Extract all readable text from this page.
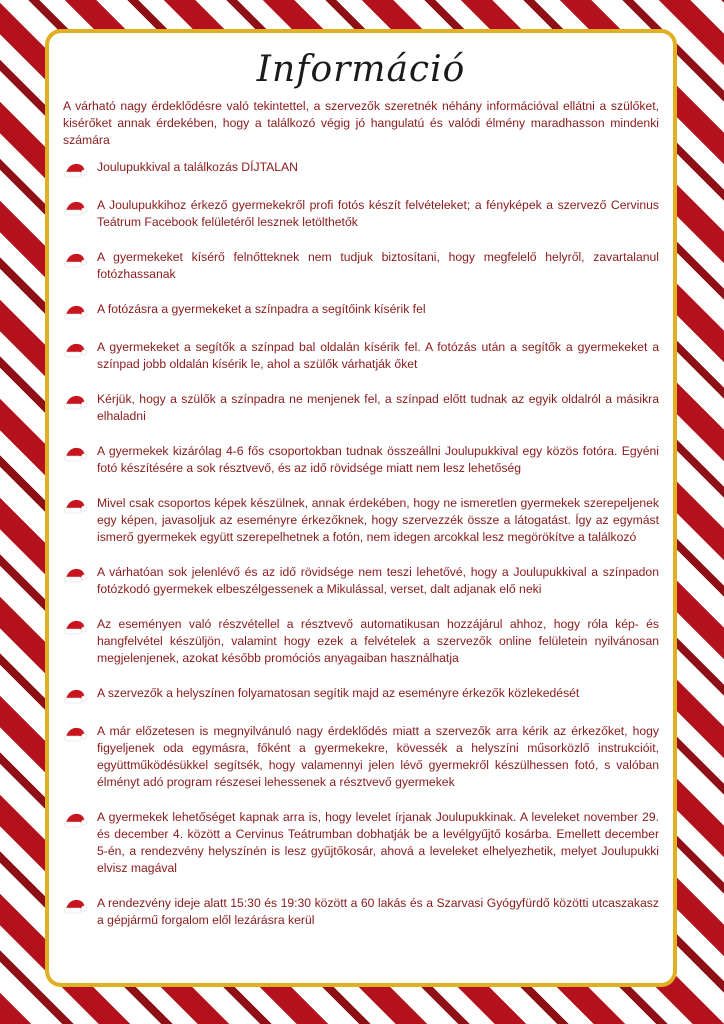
Információ

A várható nagy érdeklődésre való tekintettel, a szervezők szeretnék néhány információval ellátni a szülőket, kisérőket annak érdekében, hogy a találkozó végig jó hangulatú és valódi élmény maradhasson mindenki számára

Joulupukkival a találkozás DÍJTALAN
A Joulupukkihoz érkező gyermekekről profi fotós készít felvételeket; a fényképek a szervező Cervinus Teátrum Facebook felületéről lesznek letölthetők
A gyermekeket kísérő felnőtteknek nem tudjuk biztosítani, hogy megfelelő helyről, zavartalanul fotózhassanak
A fotózásra a gyermekeket a színpadra a segítőink kísérik fel
A gyermekeket a segítők a színpad bal oldalán kísérik fel. A fotózás után a segítők a gyermekeket a színpad jobb oldalán kísérik le, ahol a szülők várhatják őket
Kérjük, hogy a szülők a színpadra ne menjenek fel, a színpad előtt tudnak az egyik oldalról a másikra elhaladni
A gyermekek kizárólag 4-6 fős csoportokban tudnak összeállni Joulupukkival egy közös fotóra. Egyéni fotó készítésére a sok résztvevő, és az idő rövidsége miatt nem lesz lehetőség
Mivel csak csoportos képek készülnek, annak érdekében, hogy ne ismeretlen gyermekek szerepeljenek egy képen, javasoljuk az eseményre érkezőknek, hogy szervezzék össze a látogatást. Így az egymást ismerő gyermekek együtt szerepelhetnek a fotón, nem idegen arcokkal lesz megörökítve a találkozó
A várhatóan sok jelenlévő és az idő rövidsége nem teszi lehetővé, hogy a Joulupukkival a színpadon fotózkodó gyermekek elbeszélgessenek a Mikulással, verset, dalt adjanak elő neki
Az eseményen való részvétellel a résztvevő automatikusan hozzájárul ahhoz, hogy róla kép- és hangfelvétel készüljön, valamint hogy ezek a felvételek a szervezők online felületein nyilvánosan megjelenjenek, azokat később promóciós anyagaiban használhatja
A szervezők a helyszínen folyamatosan segítik majd az eseményre érkezők közlekedését
A már előzetesen is megnyilvánuló nagy érdeklődés miatt a szervezők arra kérik az érkezőket, hogy figyeljenek oda egymásra, főként a gyermekekre, kövessék a helyszíni műsorközlő instrukcióit, együttműködésükkel segítsék, hogy valamennyi jelen lévő gyermekről készülhessen fotó, s valóban élményt adó program részesei lehessenek a résztvevő gyermekek
A gyermekek lehetőséget kapnak arra is, hogy levelet írjanak Joulupukkinak. A leveleket november 29. és december 4. között a Cervinus Teátrumban dobhatják be a levélgyűjtő kosárba. Emellett december 5-én, a rendezvény helyszínén is lesz gyűjtőkosár, ahová a leveleket elhelyezhetik, melyet Joulupukki elvisz magával
A rendezvény ideje alatt 15:30 és 19:30 között a 60 lakás és a Szarvasi Gyógyfürdő közötti utcaszakasz a gépjármű forgalom elől lezárásra kerül
